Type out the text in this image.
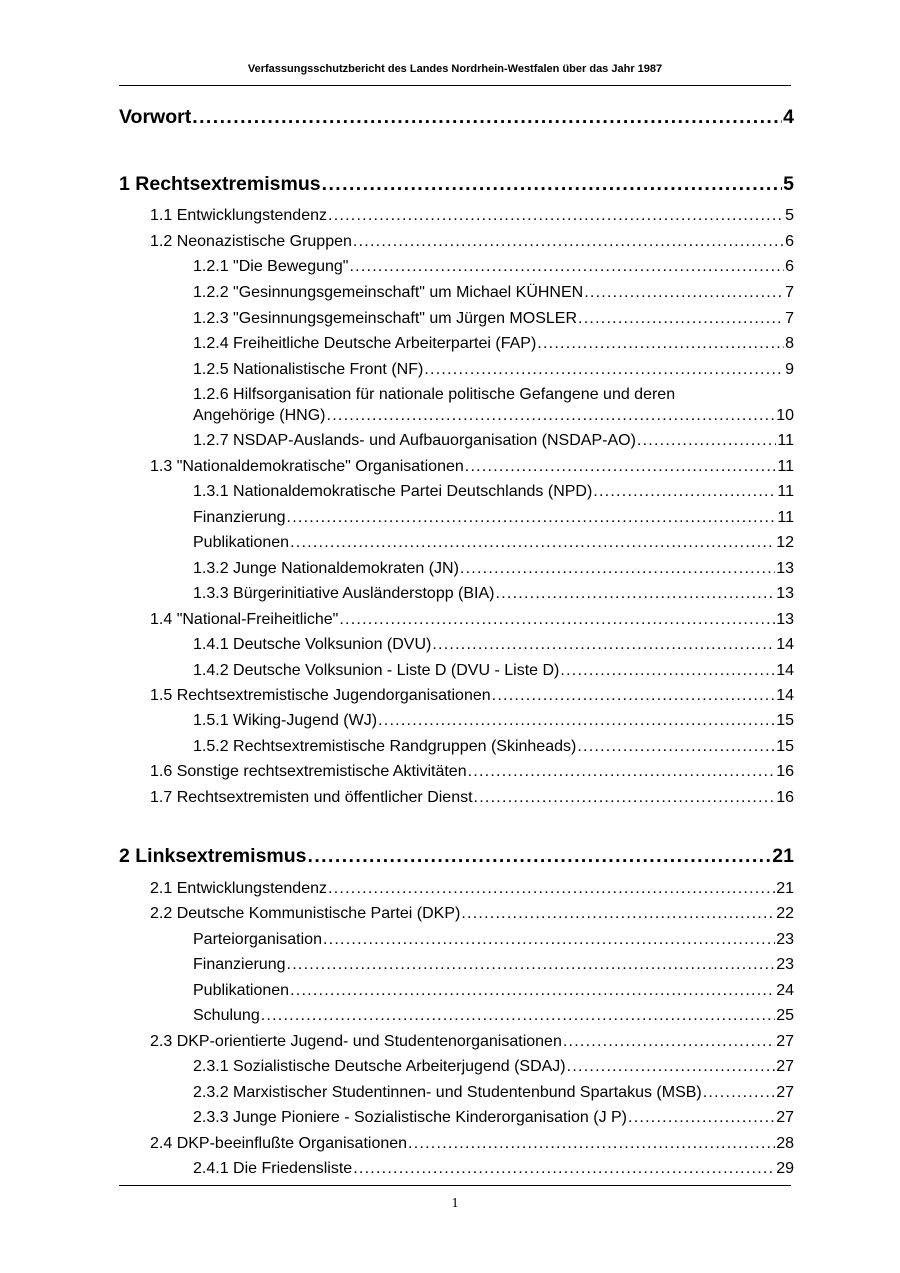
Verfassungsschutzbericht des Landes Nordrhein-Westfalen über das Jahr 1987
Vorwort . . .	4
1 Rechtsextremismus . . .	5
1.1 Entwicklungstendenz . . .	5
1.2 Neonazistische Gruppen . . .	6
1.2.1 "Die Bewegung" . . .	6
1.2.2 "Gesinnungsgemeinschaft" um Michael KÜHNEN . . .	7
1.2.3 "Gesinnungsgemeinschaft" um Jürgen MOSLER . . .	7
1.2.4 Freiheitliche Deutsche Arbeiterpartei (FAP) . . .	8
1.2.5 Nationalistische Front (NF) . . .	9
1.2.6 Hilfsorganisation für nationale politische Gefangene und deren
Angehörige (HNG) . . .	10
1.2.7 NSDAP-Auslands- und Aufbauorganisation (NSDAP-AO) . . .	11
1.3 "Nationaldemokratische" Organisationen . . .	11
1.3.1 Nationaldemokratische Partei Deutschlands (NPD) . . .	11
Finanzierung . . .	11
Publikationen . . .	12
1.3.2 Junge Nationaldemokraten (JN) . . .	13
1.3.3 Bürgerinitiative Ausländerstopp (BIA) . . .	13
1.4 "National-Freiheitliche" . . .	13
1.4.1 Deutsche Volksunion (DVU) . . .	14
1.4.2 Deutsche Volksunion - Liste D (DVU - Liste D) . . .	14
1.5 Rechtsextremistische Jugendorganisationen . . .	14
1.5.1 Wiking-Jugend (WJ) . . .	15
1.5.2 Rechtsextremistische Randgruppen (Skinheads) . . .	15
1.6 Sonstige rechtsextremistische Aktivitäten . . .	16
1.7 Rechtsextremisten und öffentlicher Dienst . . .	16
2 Linksextremismus . . .	21
2.1 Entwicklungstendenz . . .	21
2.2 Deutsche Kommunistische Partei (DKP) . . .	22
Parteiorganisation . . .	23
Finanzierung . . .	23
Publikationen . . .	24
Schulung . . .	25
2.3 DKP-orientierte Jugend- und Studentenorganisationen . . .	27
2.3.1 Sozialistische Deutsche Arbeiterjugend (SDAJ) . . .	27
2.3.2 Marxistischer Studentinnen- und Studentenbund Spartakus (MSB) . . .	27
2.3.3 Junge Pioniere - Sozialistische Kinderorganisation (J P) . . .	27
2.4 DKP-beeinflußte Organisationen . . .	28
2.4.1 Die Friedensliste . . .	29
1
